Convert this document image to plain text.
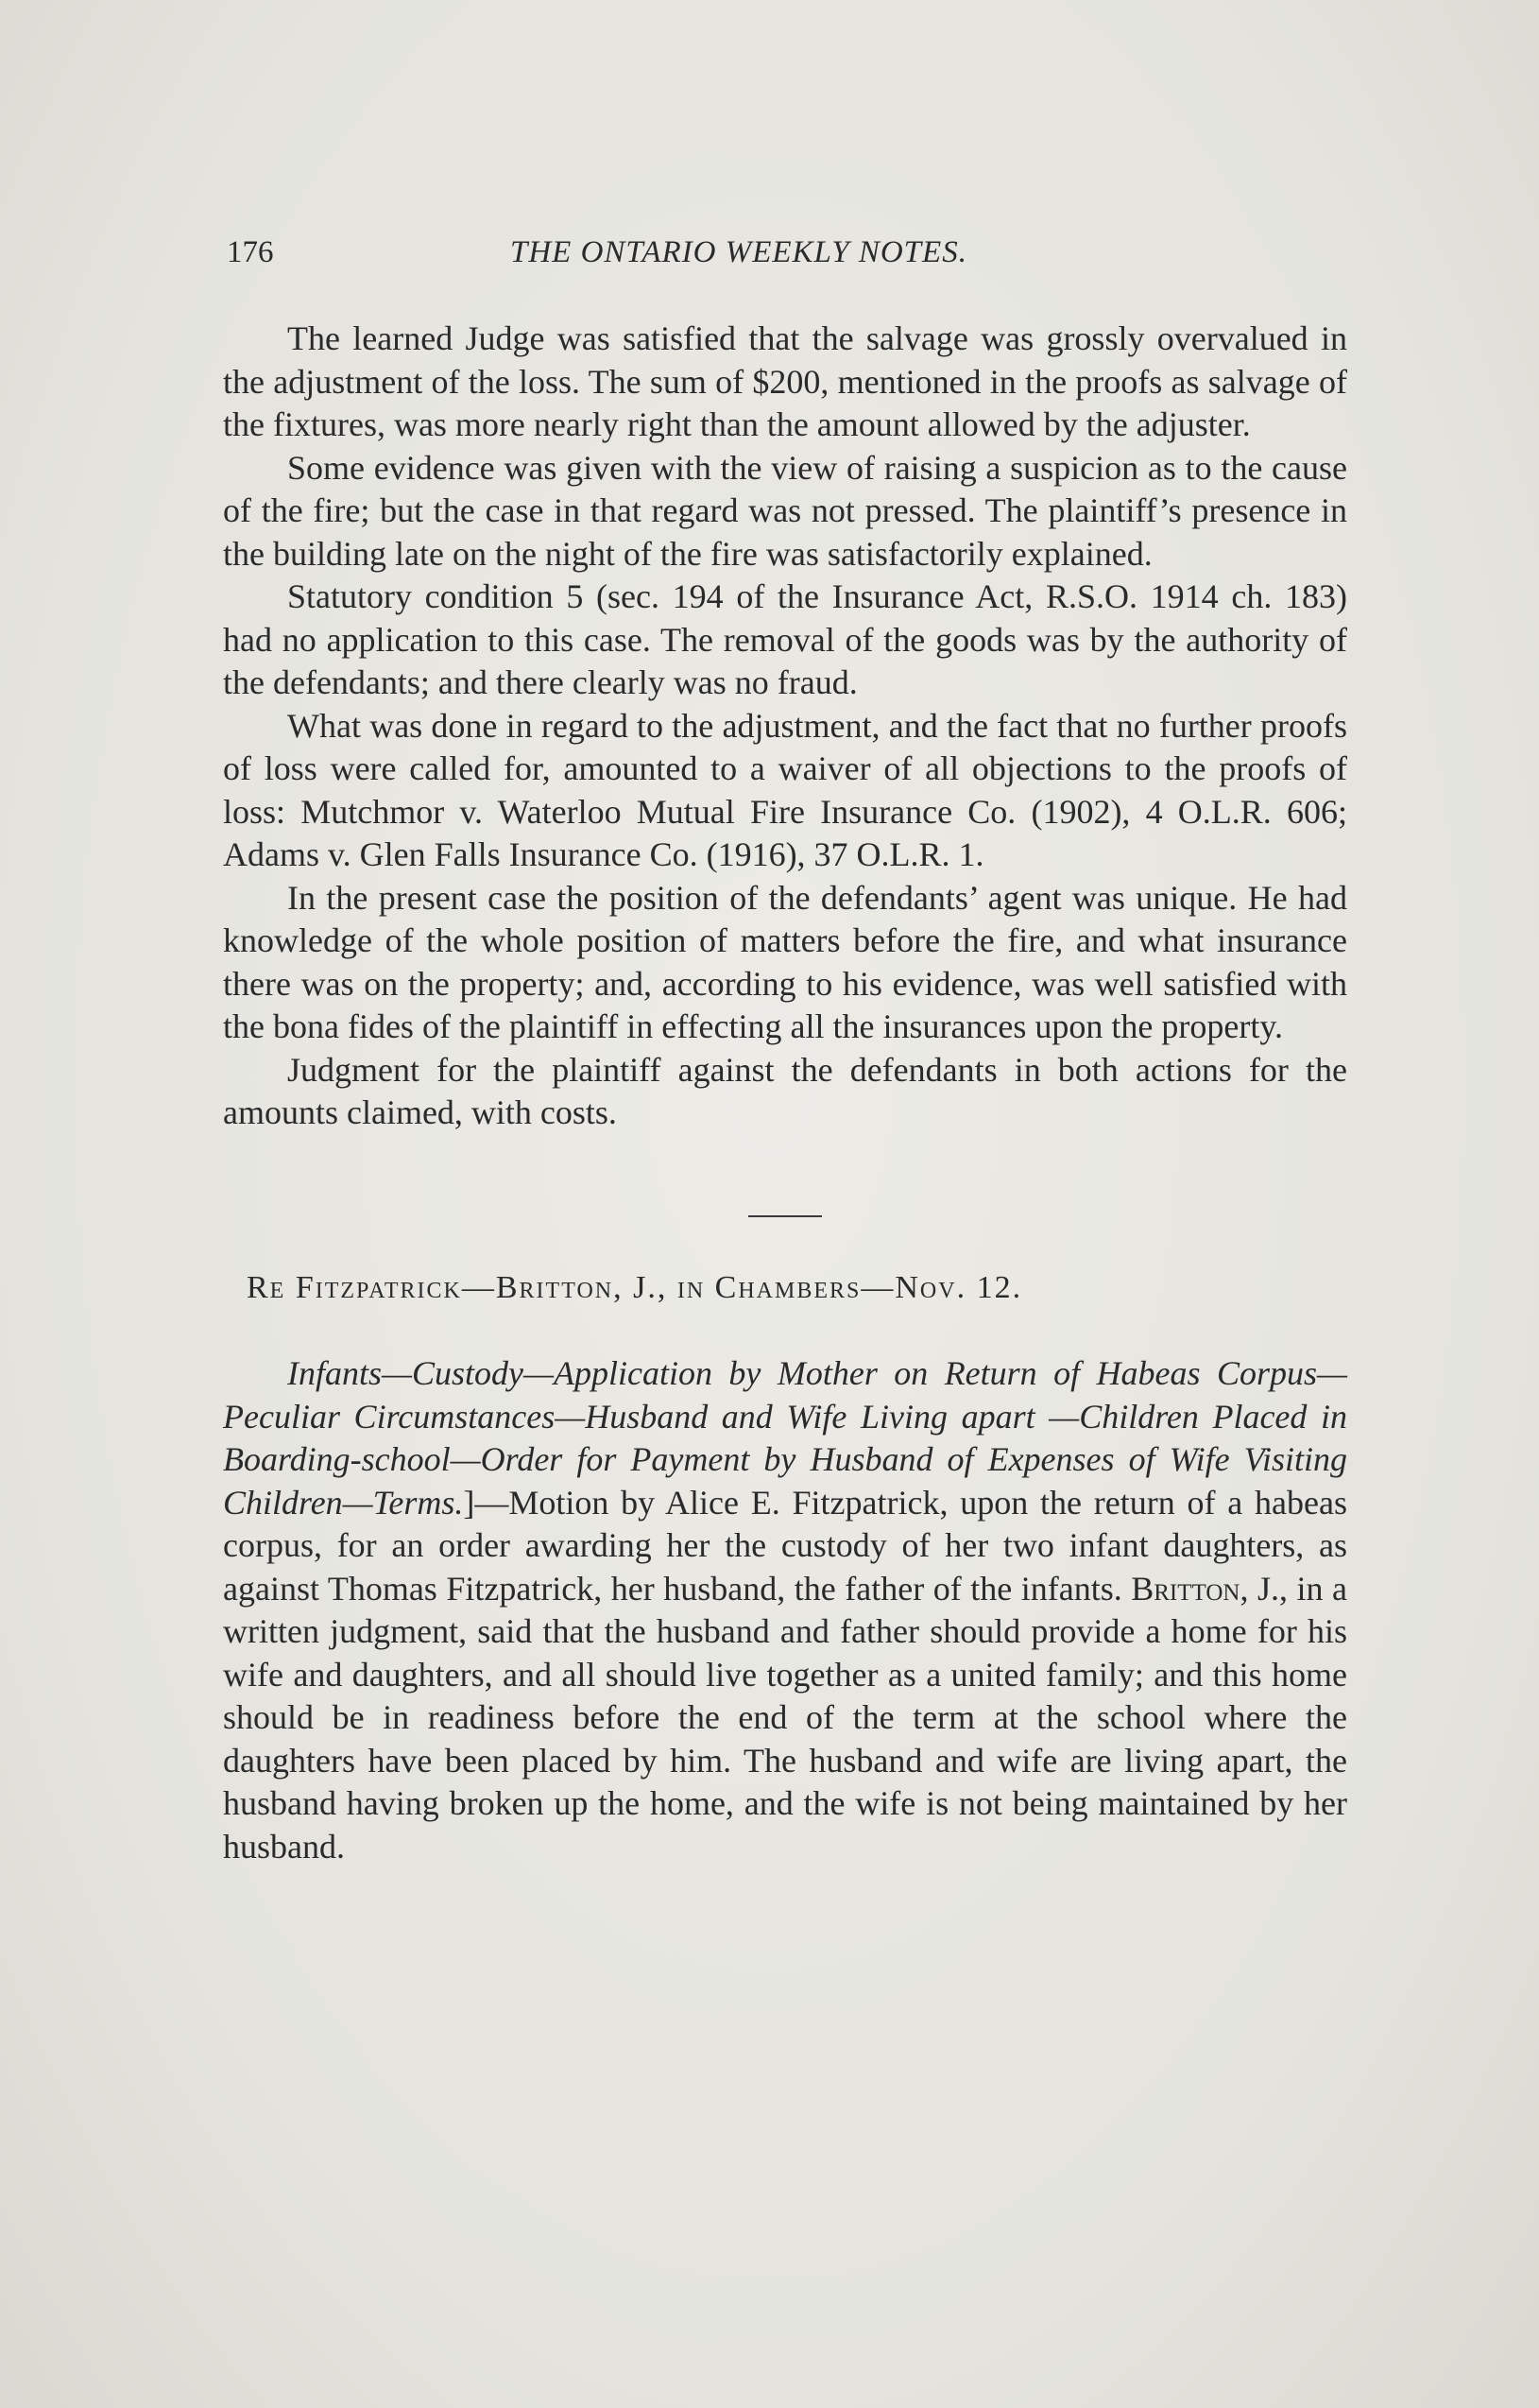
176	THE ONTARIO WEEKLY NOTES.

The learned Judge was satisfied that the salvage was grossly overvalued in the adjustment of the loss. The sum of $200, mentioned in the proofs as salvage of the fixtures, was more nearly right than the amount allowed by the adjuster.

Some evidence was given with the view of raising a suspicion as to the cause of the fire; but the case in that regard was not pressed. The plaintiff’s presence in the building late on the night of the fire was satisfactorily explained.

Statutory condition 5 (sec. 194 of the Insurance Act, R.S.O. 1914 ch. 183) had no application to this case. The removal of the goods was by the authority of the defendants; and there clearly was no fraud.

What was done in regard to the adjustment, and the fact that no further proofs of loss were called for, amounted to a waiver of all objections to the proofs of loss: Mutchmor v. Waterloo Mutual Fire Insurance Co. (1902), 4 O.L.R. 606; Adams v. Glen Falls Insurance Co. (1916), 37 O.L.R. 1.

In the present case the position of the defendants’ agent was unique. He had knowledge of the whole position of matters before the fire, and what insurance there was on the property; and, according to his evidence, was well satisfied with the bona fides of the plaintiff in effecting all the insurances upon the property.

Judgment for the plaintiff against the defendants in both actions for the amounts claimed, with costs.

Re Fitzpatrick—Britton, J., in Chambers—Nov. 12.

Infants—Custody—Application by Mother on Return of Habeas Corpus—Peculiar Circumstances—Husband and Wife Living apart —Children Placed in Boarding-school—Order for Payment by Husband of Expenses of Wife Visiting Children—Terms.]—Motion by Alice E. Fitzpatrick, upon the return of a habeas corpus, for an order awarding her the custody of her two infant daughters, as against Thomas Fitzpatrick, her husband, the father of the infants. Britton, J., in a written judgment, said that the husband and father should provide a home for his wife and daughters, and all should live together as a united family; and this home should be in readiness before the end of the term at the school where the daughters have been placed by him. The husband and wife are living apart, the husband having broken up the home, and the wife is not being maintained by her husband.
